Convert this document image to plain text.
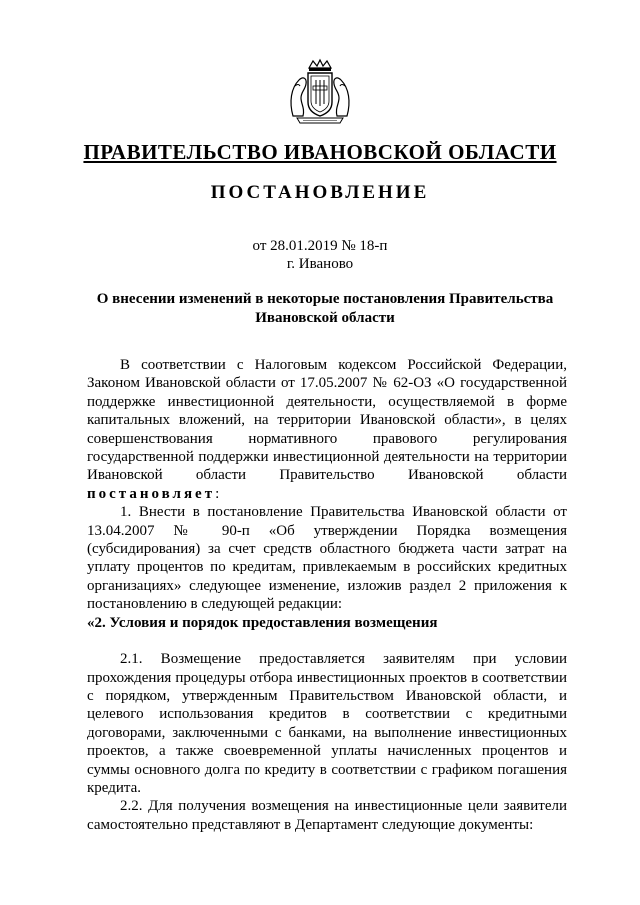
ПРАВИТЕЛЬСТВО ИВАНОВСКОЙ ОБЛАСТИ
ПОСТАНОВЛЕНИЕ
от 28.01.2019 № 18-п
г. Иваново
О внесении изменений в некоторые постановления Правительства Ивановской области

В соответствии с Налоговым кодексом Российской Федерации, Законом Ивановской области от 17.05.2007 № 62-ОЗ «О государственной поддержке инвестиционной деятельности, осуществляемой в форме капитальных вложений, на территории Ивановской области», в целях совершенствования нормативного правового регулирования государственной поддержки инвестиционной деятельности на территории Ивановской области Правительство Ивановской области постановляет:

1. Внести в постановление Правительства Ивановской области от 13.04.2007 № 90-п «Об утверждении Порядка возмещения (субсидирования) за счет средств областного бюджета части затрат на уплату процентов по кредитам, привлекаемым в российских кредитных организациях» следующее изменение, изложив раздел 2 приложения к постановлению в следующей редакции:

«2. Условия и порядок предоставления возмещения

2.1. Возмещение предоставляется заявителям при условии прохождения процедуры отбора инвестиционных проектов в соответствии с порядком, утвержденным Правительством Ивановской области, и целевого использования кредитов в соответствии с кредитными договорами, заключенными с банками, на выполнение инвестиционных проектов, а также своевременной уплаты начисленных процентов и суммы основного долга по кредиту в соответствии с графиком погашения кредита.

2.2. Для получения возмещения на инвестиционные цели заявители самостоятельно представляют в Департамент следующие документы:
